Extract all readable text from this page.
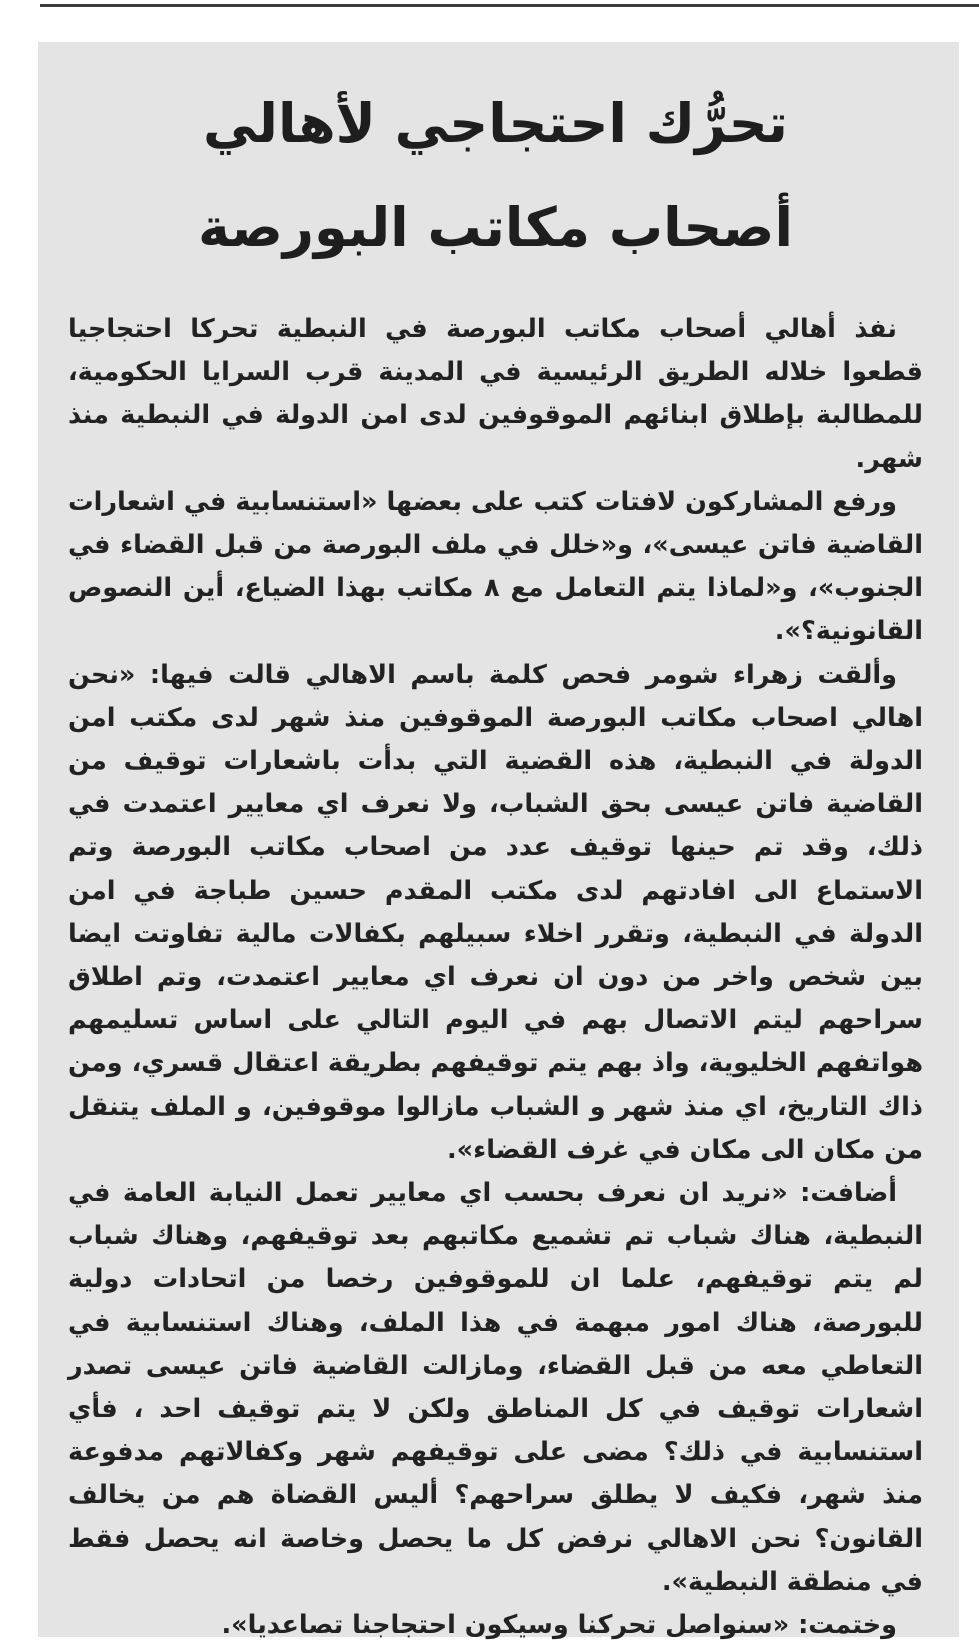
تحرُّك احتجاجي لأهالي
أصحاب مكاتب البورصة

نفذ أهالي أصحاب مكاتب البورصة في النبطية تحركا احتجاجيا قطعوا خلاله الطريق الرئيسية في المدينة قرب السرايا الحكومية، للمطالبة بإطلاق ابنائهم الموقوفين لدى امن الدولة في النبطية منذ شهر.

ورفع المشاركون لافتات كتب على بعضها «استنسابية في اشعارات القاضية فاتن عيسى»، و«خلل في ملف البورصة من قبل القضاء في الجنوب»، و«لماذا يتم التعامل مع ٨ مكاتب بهذا الضياع، أين النصوص القانونية؟».

وألقت زهراء شومر فحص كلمة باسم الاهالي قالت فيها: «نحن اهالي اصحاب مكاتب البورصة الموقوفين منذ شهر لدى مكتب امن الدولة في النبطية، هذه القضية التي بدأت باشعارات توقيف من القاضية فاتن عيسى بحق الشباب، ولا نعرف اي معايير اعتمدت في ذلك، وقد تم حينها توقيف عدد من اصحاب مكاتب البورصة وتم الاستماع الى افادتهم لدى مكتب المقدم حسين طباجة في امن الدولة في النبطية، وتقرر اخلاء سبيلهم بكفالات مالية تفاوتت ايضا بين شخص واخر من دون ان نعرف اي معايير اعتمدت، وتم اطلاق سراحهم ليتم الاتصال بهم في اليوم التالي على اساس تسليمهم هواتفهم الخليوية، واذ بهم يتم توقيفهم بطريقة اعتقال قسري، ومن ذاك التاريخ، اي منذ شهر و الشباب مازالوا موقوفين، و الملف يتنقل من مكان الى مكان في غرف القضاء».

أضافت: «نريد ان نعرف بحسب اي معايير تعمل النيابة العامة في النبطية، هناك شباب تم تشميع مكاتبهم بعد توقيفهم، وهناك شباب لم يتم توقيفهم، علما ان للموقوفين رخصا من اتحادات دولية للبورصة، هناك امور مبهمة في هذا الملف، وهناك استنسابية في التعاطي معه من قبل القضاء، ومازالت القاضية فاتن عيسى تصدر اشعارات توقيف في كل المناطق ولكن لا يتم توقيف احد ، فأي استنسابية في ذلك؟ مضى على توقيفهم شهر وكفالاتهم مدفوعة منذ شهر، فكيف لا يطلق سراحهم؟ أليس القضاة هم من يخالف القانون؟ نحن الاهالي نرفض كل ما يحصل وخاصة انه يحصل فقط في منطقة النبطية».

وختمت: «سنواصل تحركنا وسيكون احتجاجنا تصاعديا».
